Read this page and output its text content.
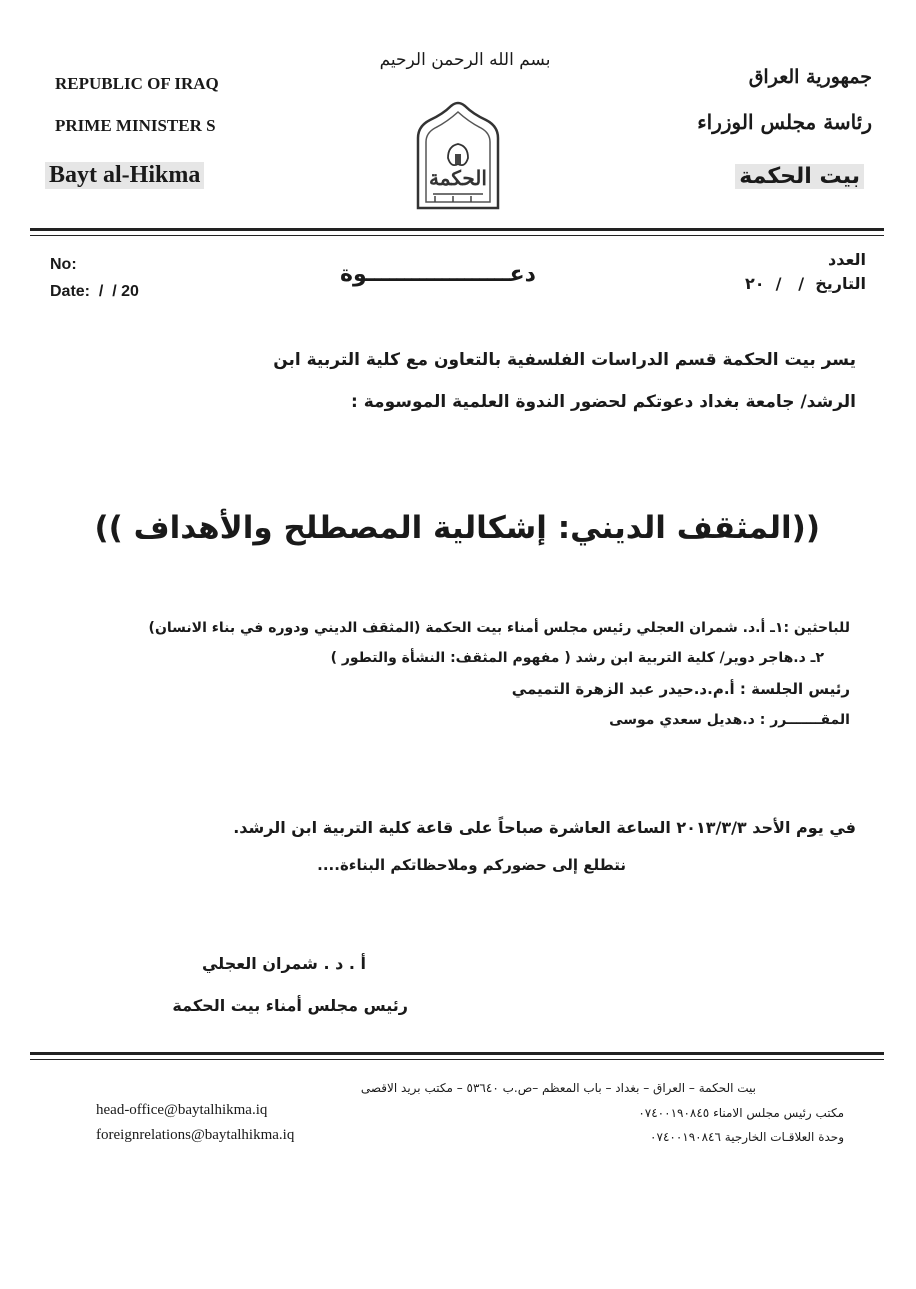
REPUBLIC OF IRAQ
PRIME MINISTER S
Bayt al-Hikma
بسم الله الرحمن الرحيم
الحكمة
جمهورية العراق
رئاسة مجلس الوزراء
بيت الحكمة
No:
Date:  /  / 20
دعـــــــــــــــــــوة
العدد
التاريخ  /   /  ٢٠
يسر بيت الحكمة قسم الدراسات الفلسفية بالتعاون مع كلية التربية ابن
الرشد/ جامعة بغداد دعوتكم لحضور الندوة العلمية الموسومة :
((المثقف الديني: إشكالية المصطلح والأهداف ))
للباحثين :١ـ أ.د. شمران العجلي رئيس مجلس أمناء بيت الحكمة (المثقف الديني ودوره في بناء الانسان)
٢ـ د.هاجر دوير/ كلية التربية ابن رشد ( مفهوم المثقف: النشأة والتطور )
رئيس الجلسة : أ.م.د.حيدر عبد الزهرة التميمي
المقـــــــرر : د.هديل سعدي موسى
في يوم الأحد ٢٠١٣/٣/٣ الساعة العاشرة صباحاً على قاعة كلية التربية ابن الرشد.
نتطلع إلى حضوركم وملاحظاتكم البناءة....
أ . د . شمران العجلي
رئيس مجلس أمناء بيت الحكمة
بيت الحكمة – العراق – بغداد – باب المعظم –ص.ب ٥٣٦٤٠ – مكتب بريد الاقصى
مكتب رئيس مجلس الامناء ٠٧٤٠٠١٩٠٨٤٥
وحدة العلاقـات الخارجية ٠٧٤٠٠١٩٠٨٤٦
head-office@baytalhikma.iq
foreignrelations@baytalhikma.iq
